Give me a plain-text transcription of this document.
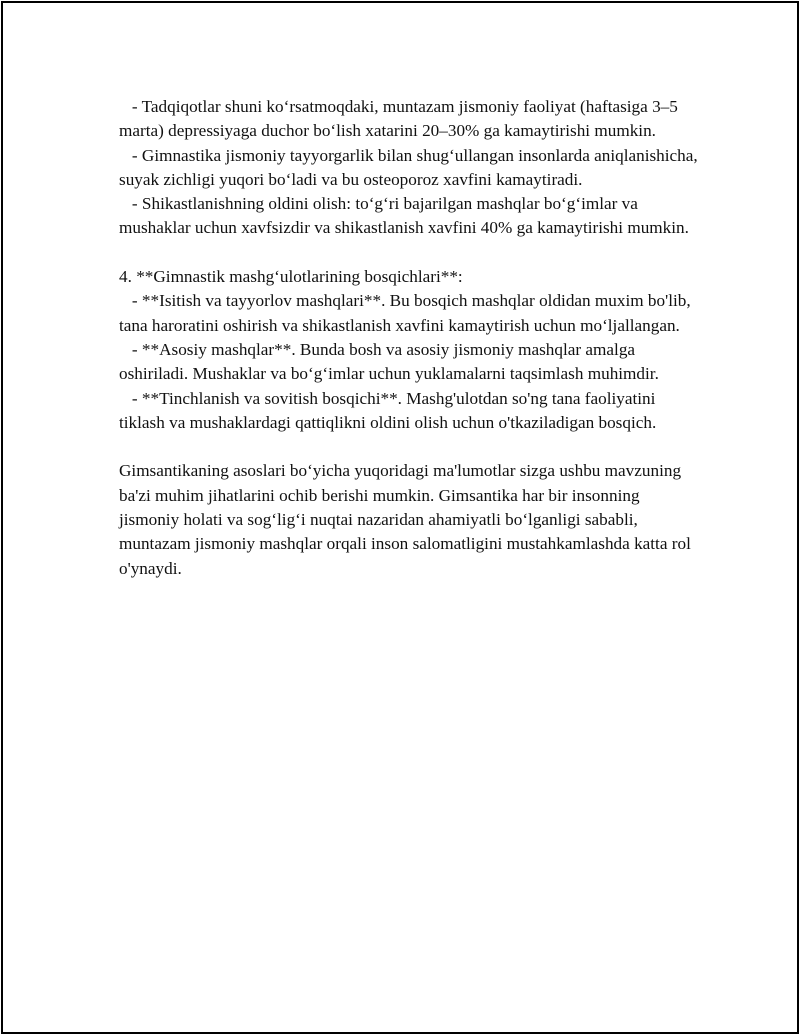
- Tadqiqotlar shuni ko‘rsatmoqdaki, muntazam jismoniy faoliyat (haftasiga 3–5 marta) depressiyaga duchor bo‘lish xatarini 20–30% ga kamaytirishi mumkin.

- Gimnastika jismoniy tayyorgarlik bilan shug‘ullangan insonlarda aniqlanishicha, suyak zichligi yuqori bo‘ladi va bu osteoporoz xavfini kamaytiradi.

- Shikastlanishning oldini olish: to‘g‘ri bajarilgan mashqlar bo‘g‘imlar va mushaklar uchun xavfsizdir va shikastlanish xavfini 40% ga kamaytirishi mumkin.

4. **Gimnastik mashg‘ulotlarining bosqichlari**:

- **Isitish va tayyorlov mashqlari**. Bu bosqich mashqlar oldidan muxim bo'lib, tana haroratini oshirish va shikastlanish xavfini kamaytirish uchun mo‘ljallangan.

- **Asosiy mashqlar**. Bunda bosh va asosiy jismoniy mashqlar amalga oshiriladi. Mushaklar va bo‘g‘imlar uchun yuklamalarni taqsimlash muhimdir.

- **Tinchlanish va sovitish bosqichi**. Mashg'ulotdan so'ng tana faoliyatini tiklash va mushaklardagi qattiqlikni oldini olish uchun o'tkaziladigan bosqich.

Gimsantikaning asoslari bo‘yicha yuqoridagi ma'lumotlar sizga ushbu mavzuning ba'zi muhim jihatlarini ochib berishi mumkin. Gimsantika har bir insonning jismoniy holati va sog‘lig‘i nuqtai nazaridan ahamiyatli bo‘lganligi sababli, muntazam jismoniy mashqlar orqali inson salomatligini mustahkamlashda katta rol o'ynaydi.
